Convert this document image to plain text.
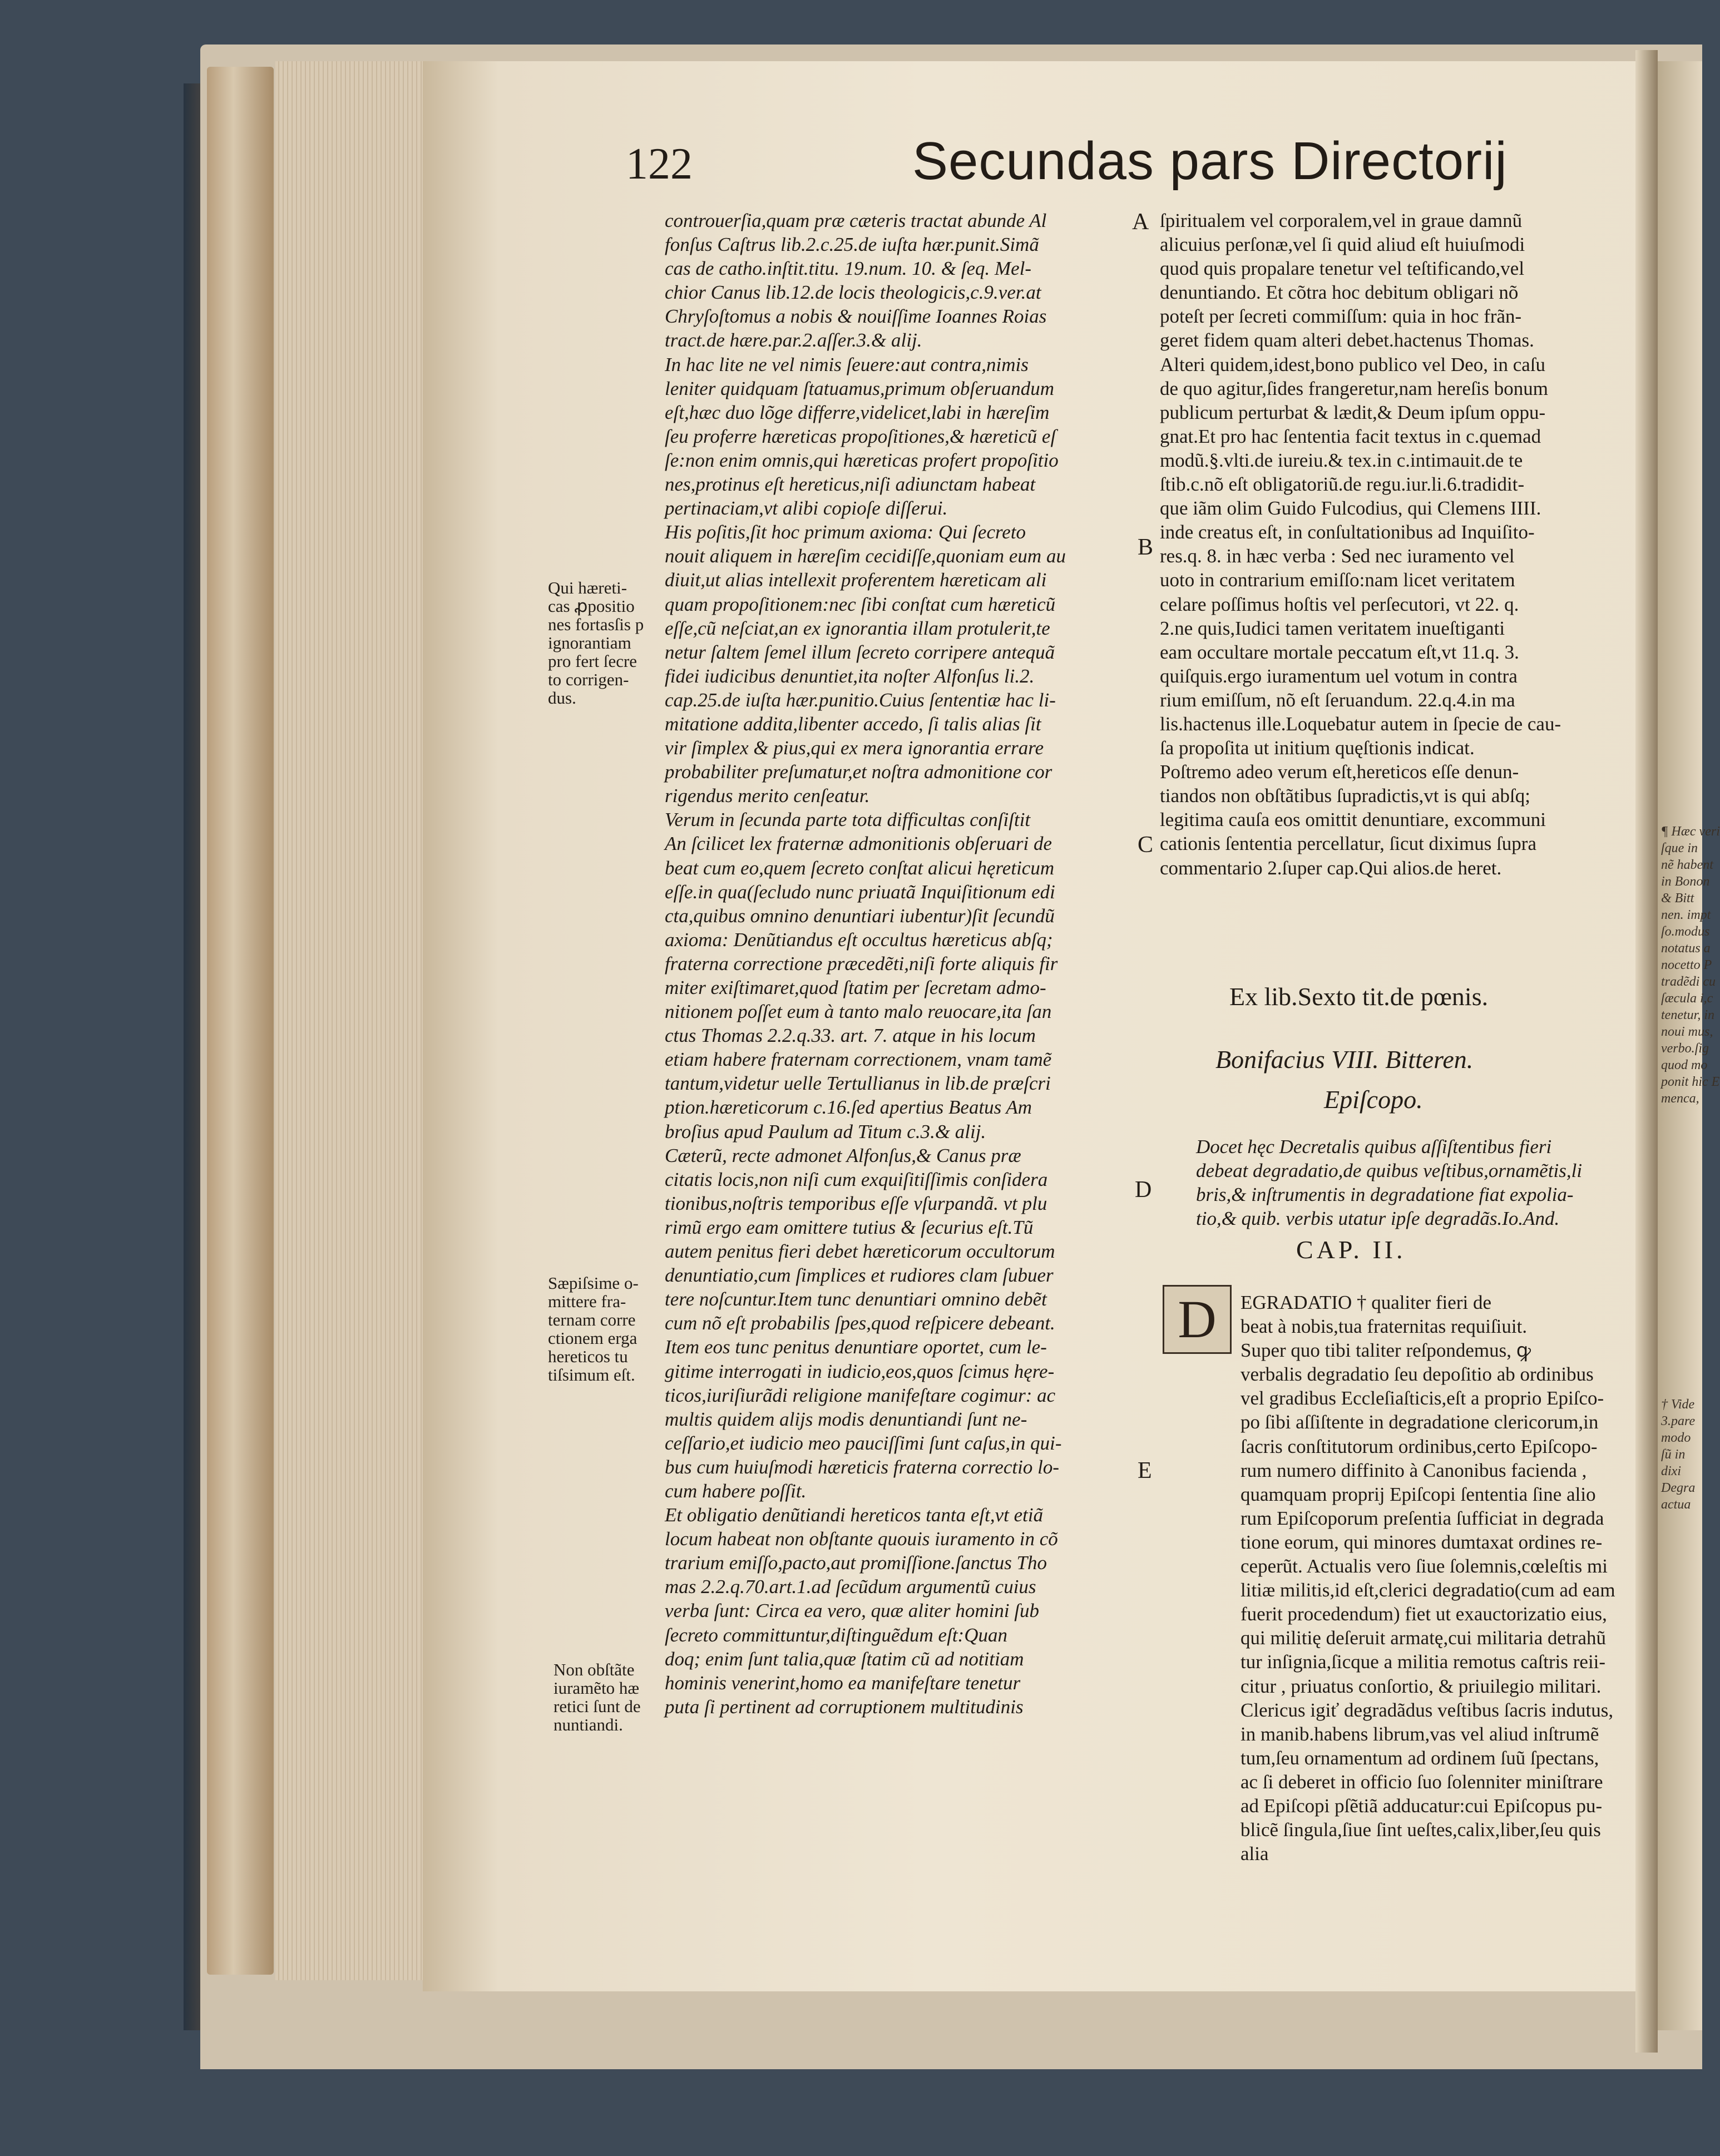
¶ Hæc veri
ſque in
nẽ habent
in Bonon
& Bitt
nen. impt
ſo.modus
notatus a
nocetto P
tradẽdi cu
ſæcula i,c
tenetur, in
noui mus,
verbo.ſig
quod mo
ponit hic E
menca,
† Vide
3.pare
modo
ſũ in
dixi
Degra
actua
122	Secundas pars Directorij

controuerſia,quam præ cæteris tractat abunde Al

fonſus Caſtrus lib.2.c.25.de iuſta hær.punit.Simã

cas de catho.inſtit.titu. 19.num. 10. & ſeq. Mel-

chior Canus lib.12.de locis theologicis,c.9.ver.at

Chryſoſtomus a nobis & nouiſſime Ioannes Roias

tract.de hære.par.2.aſſer.3.& alij.

In hac lite ne vel nimis ſeuere:aut contra,nimis

leniter quidquam ſtatuamus,primum obſeruandum

eſt,hæc duo lõge differre,videlicet,labi in hæreſim

ſeu proferre hæreticas propoſitiones,& hæreticũ eſ

ſe:non enim omnis,qui hæreticas profert propoſitio

nes,protinus eſt hereticus,niſi adiunctam habeat

pertinaciam,vt alibi copioſe diſſerui.

His poſitis,ſit hoc primum axioma: Qui ſecreto

nouit aliquem in hæreſim cecidiſſe,quoniam eum au

diuit,ut alias intellexit proferentem hæreticam ali

quam propoſitionem:nec ſibi conſtat cum hæreticũ

eſſe,cũ neſciat,an ex ignorantia illam protulerit,te

netur ſaltem ſemel illum ſecreto corripere antequã

fidei iudicibus denuntiet,ita noſter Alfonſus li.2.

cap.25.de iuſta hær.punitio.Cuius ſententiæ hac li-

mitatione addita,libenter accedo, ſi talis alias ſit

vir ſimplex & pius,qui ex mera ignorantia errare

probabiliter preſumatur,et noſtra admonitione cor

rigendus merito cenſeatur.

Verum in ſecunda parte tota difficultas conſiſtit

An ſcilicet lex fraternæ admonitionis obſeruari de

beat cum eo,quem ſecreto conſtat alicui hęreticum

eſſe.in qua(ſecludo nunc priuatã Inquiſitionum edi

cta,quibus omnino denuntiari iubentur)ſit ſecundũ

axioma: Denũtiandus eſt occultus hæreticus abſq;

fraterna correctione præcedẽti,niſi forte aliquis fir

miter exiſtimaret,quod ſtatim per ſecretam admo-

nitionem poſſet eum à tanto malo reuocare,ita ſan

ctus Thomas 2.2.q.33. art. 7. atque in his locum

etiam habere fraternam correctionem, vnam tamẽ

tantum,videtur uelle Tertullianus in lib.de præſcri

ption.hæreticorum c.16.ſed apertius Beatus Am

broſius apud Paulum ad Titum c.3.& alij.

Cæterũ, recte admonet Alfonſus,& Canus præ

citatis locis,non niſi cum exquiſitiſſimis conſidera

tionibus,noſtris temporibus eſſe vſurpandã. vt plu

rimũ ergo eam omittere tutius & ſecurius eſt.Tũ

autem penitus fieri debet hæreticorum occultorum

denuntiatio,cum ſimplices et rudiores clam ſubuer

tere noſcuntur.Item tunc denuntiari omnino debẽt

cum nõ eſt probabilis ſpes,quod reſpicere debeant.

Item eos tunc penitus denuntiare oportet, cum le-

gitime interrogati in iudicio,eos,quos ſcimus hęre-

ticos,iuriſiurãdi religione manifeſtare cogimur: ac

multis quidem alijs modis denuntiandi ſunt ne-

ceſſario,et iudicio meo pauciſſimi ſunt caſus,in qui-

bus cum huiuſmodi hæreticis fraterna correctio lo-

cum habere poſſit.

Et obligatio denũtiandi hereticos tanta eſt,vt etiã

locum habeat non obſtante quouis iuramento in cõ

trarium emiſſo,pacto,aut promiſſione.ſanctus Tho

mas 2.2.q.70.art.1.ad ſecũdum argumentũ cuius

verba ſunt: Circa ea vero, quæ aliter homini ſub

ſecreto committuntur,diſtinguẽdum eſt:Quan

doq; enim ſunt talia,quæ ſtatim cũ ad notitiam

hominis venerint,homo ea manifeſtare tenetur

puta ſi pertinent ad corruptionem multitudinis

ſpiritualem vel corporalem,vel in graue damnũ

alicuius perſonæ,vel ſi quid aliud eſt huiuſmodi

quod quis propalare tenetur vel teſtificando,vel

denuntiando. Et cõtra hoc debitum obligari nõ

poteſt per ſecreti commiſſum: quia in hoc frãn-

geret fidem quam alteri debet.hactenus Thomas.

Alteri quidem,idest,bono publico vel Deo, in caſu

de quo agitur,ſides frangeretur,nam hereſis bonum

publicum perturbat & lædit,& Deum ipſum oppu-

gnat.Et pro hac ſententia facit textus in c.quemad

modũ.§.vlti.de iureiu.& tex.in c.intimauit.de te

ſtib.c.nõ eſt obligatoriũ.de regu.iur.li.6.tradidit-

que iãm olim Guido Fulcodius, qui Clemens IIII.

inde creatus eſt, in conſultationibus ad Inquiſito-

res.q. 8. in hæc verba : Sed nec iuramento vel

uoto in contrarium emiſſo:nam licet veritatem

celare poſſimus hoſtis vel perſecutori, vt 22. q.

2.ne quis,Iudici tamen veritatem inueſtiganti

eam occultare mortale peccatum eſt,vt 11.q. 3.

quiſquis.ergo iuramentum uel votum in contra

rium emiſſum, nõ eſt ſeruandum. 22.q.4.in ma

lis.hactenus ille.Loquebatur autem in ſpecie de cau-

ſa propoſita ut initium quęſtionis indicat.

Poſtremo adeo verum eſt,hereticos eſſe denun-

tiandos non obſtãtibus ſupradictis,vt is qui abſq;

legitima cauſa eos omittit denuntiare, excommuni

cationis ſententia percellatur, ſicut diximus ſupra

commentario 2.ſuper cap.Qui alios.de heret.

Ex lib.Sexto tit.de pœnis.
Bonifacius VIII. Bitteren.
Epiſcopo.

Docet hęc Decretalis quibus aſſiſtentibus fieri

debeat degradatio,de quibus veſtibus,ornamẽtis,li

bris,& inſtrumentis in degradatione fiat expolia-

tio,& quib. verbis utatur ipſe degradãs.Io.And.

CAP. II.
D	EGRADATIO † qualiter fieri de

beat à nobis,tua fraternitas requiſiuit.

Super quo tibi taliter reſpondemus, ꝙ

verbalis degradatio ſeu depoſitio ab ordinibus

vel gradibus Eccleſiaſticis,eſt a proprio Epiſco-

po ſibi aſſiſtente in degradatione clericorum,in

ſacris conſtitutorum ordinibus,certo Epiſcopo-

rum numero diffinito à Canonibus facienda ,

quamquam proprij Epiſcopi ſententia ſine alio

rum Epiſcoporum preſentia ſufficiat in degrada

tione eorum, qui minores dumtaxat ordines re-

ceperũt. Actualis vero ſiue ſolemnis,cœleſtis mi

litiæ militis,id eſt,clerici degradatio(cum ad eam

fuerit procedendum) fiet ut exauctorizatio eius,

qui militię deſeruit armatę,cui militaria detrahũ

tur inſignia,ſicque a militia remotus caſtris reii-

citur , priuatus conſortio, & priuilegio militari.

Clericus igiť degradãdus veſtibus ſacris indutus,

in manib.habens librum,vas vel aliud inſtrumẽ

tum,ſeu ornamentum ad ordinem ſuũ ſpectans,

ac ſi deberet in officio ſuo ſolenniter miniſtrare

ad Epiſcopi pſẽtiã adducatur:cui Epiſcopus pu-

blicẽ ſingula,ſiue ſint ueſtes,calix,liber,ſeu quis

alia

A
B
C
D
E
Qui hæreti-
cas ꝓpositio
nes fortasſis p
ignorantiam
pro fert ſecre
to corrigen-
dus.
Sæpiſsime o-
mittere fra-
ternam corre
ctionem erga
hereticos tu
tiſsimum eſt.
Non obſtãte
iuramẽto hæ
retici ſunt de
nuntiandi.
